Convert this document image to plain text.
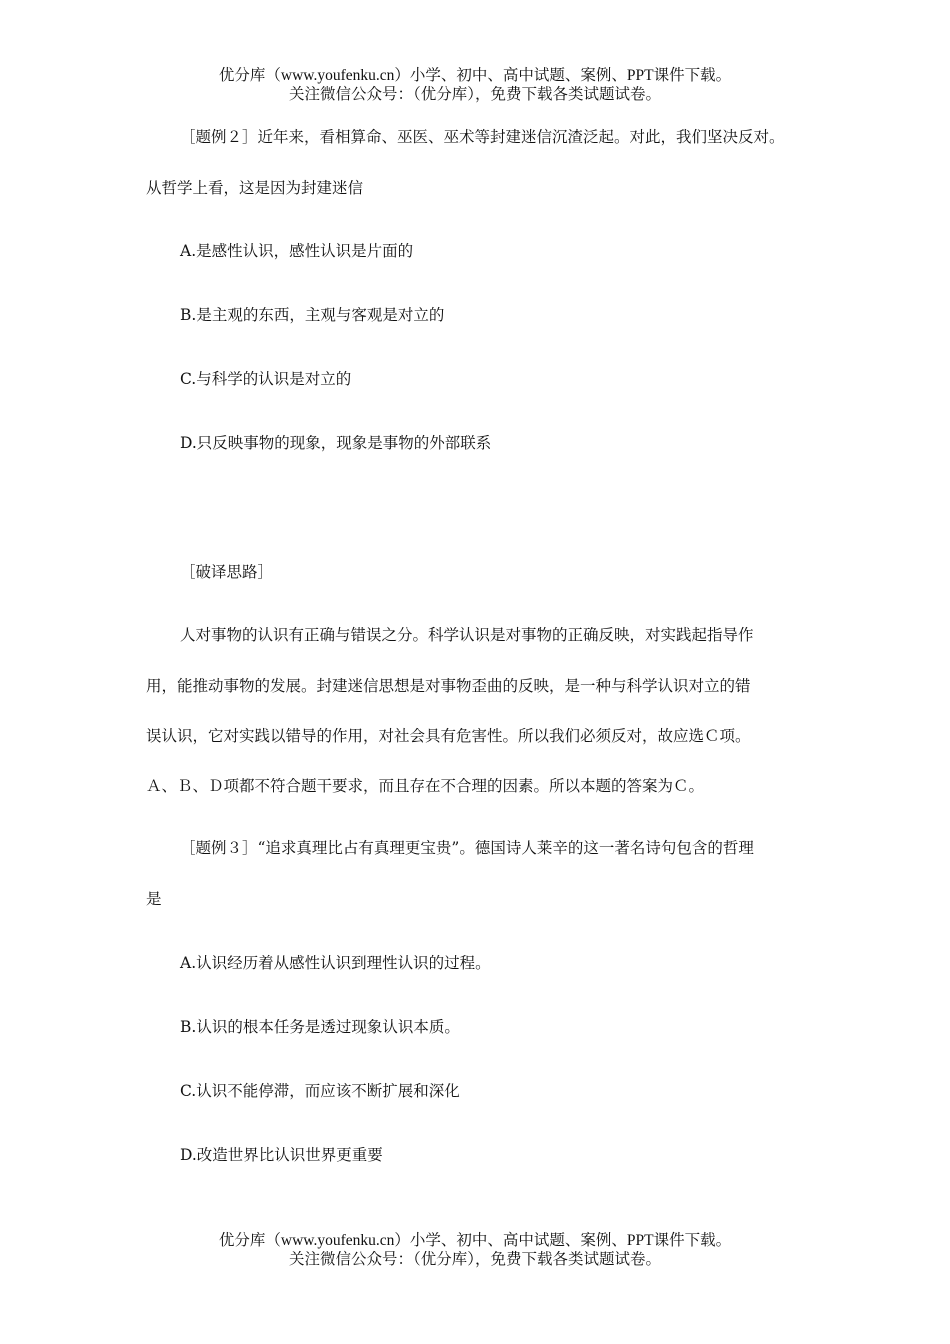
优分库（www.youfenku.cn）小学、初中、高中试题、案例、PPT课件下载。
关注微信公众号：（优分库），免费下载各类试题试卷。
［题例２］近年来，看相算命、巫医、巫术等封建迷信沉渣泛起。对此，我们坚决反对。
从哲学上看，这是因为封建迷信
A.是感性认识，感性认识是片面的
B.是主观的东西，主观与客观是对立的
C.与科学的认识是对立的
D.只反映事物的现象，现象是事物的外部联系
［破译思路］
人对事物的认识有正确与错误之分。科学认识是对事物的正确反映，对实践起指导作
用，能推动事物的发展。封建迷信思想是对事物歪曲的反映，是一种与科学认识对立的错
误认识，它对实践以错导的作用，对社会具有危害性。所以我们必须反对，故应选Ｃ项。
Ａ、Ｂ、Ｄ项都不符合题干要求，而且存在不合理的因素。所以本题的答案为Ｃ。
［题例３］“追求真理比占有真理更宝贵”。德国诗人莱辛的这一著名诗句包含的哲理
是
A.认识经历着从感性认识到理性认识的过程。
B.认识的根本任务是透过现象认识本质。
C.认识不能停滞，而应该不断扩展和深化
D.改造世界比认识世界更重要
优分库（www.youfenku.cn）小学、初中、高中试题、案例、PPT课件下载。
关注微信公众号：（优分库），免费下载各类试题试卷。
